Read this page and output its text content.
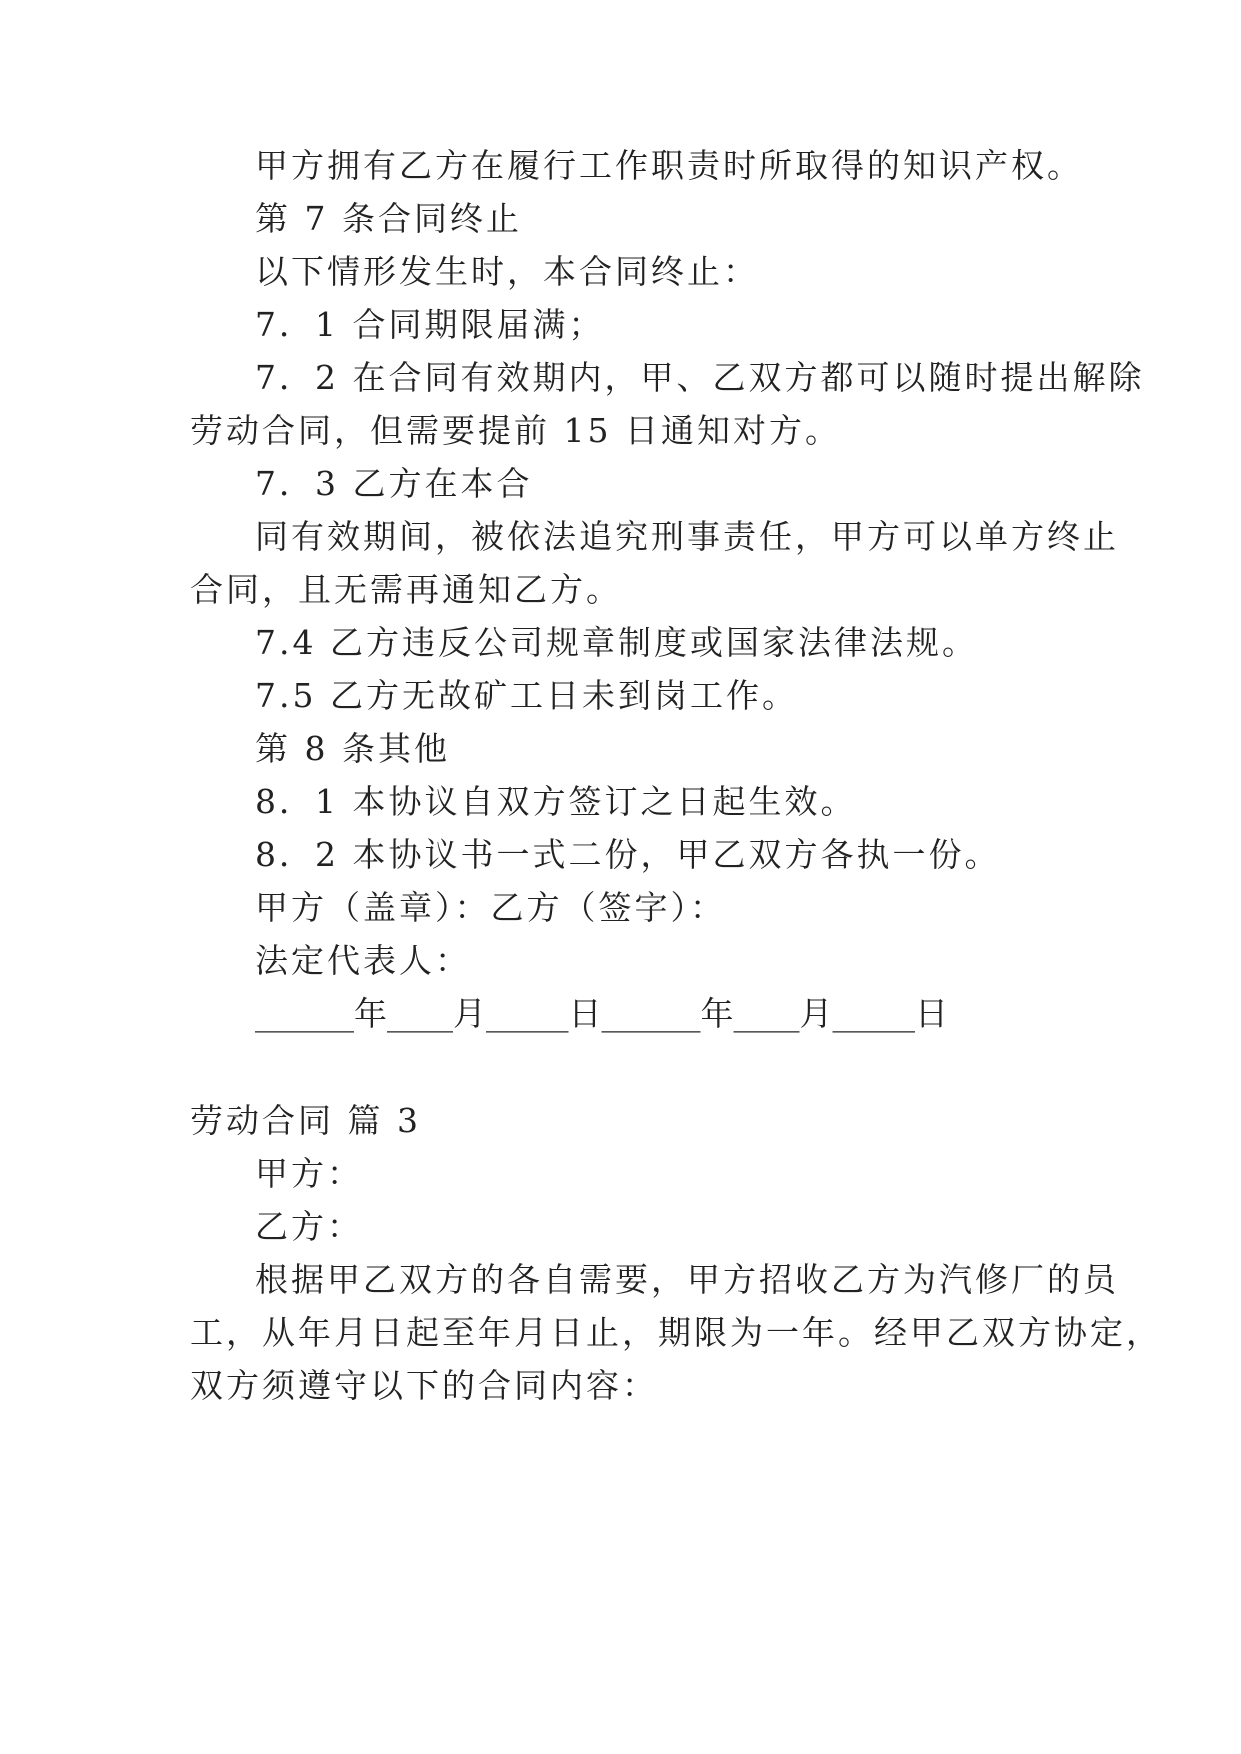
甲方拥有乙方在履行工作职责时所取得的知识产权。
第 7 条合同终止
以下情形发生时，本合同终止：
7．1 合同期限届满；
7．2 在合同有效期内，甲、乙双方都可以随时提出解除
劳动合同，但需要提前 15 日通知对方。
7．3 乙方在本合
同有效期间，被依法追究刑事责任，甲方可以单方终止
合同，且无需再通知乙方。
7.4 乙方违反公司规章制度或国家法律法规。
7.5 乙方无故矿工日未到岗工作。
第 8 条其他
8．1 本协议自双方签订之日起生效。
8．2 本协议书一式二份，甲乙双方各执一份。
甲方（盖章）：乙方（签字）：
法定代表人：
______年____月_____日______年____月_____日
劳动合同 篇 3
甲方：
乙方：
根据甲乙双方的各自需要，甲方招收乙方为汽修厂的员
工，从年月日起至年月日止，期限为一年。经甲乙双方协定，
双方须遵守以下的合同内容：
